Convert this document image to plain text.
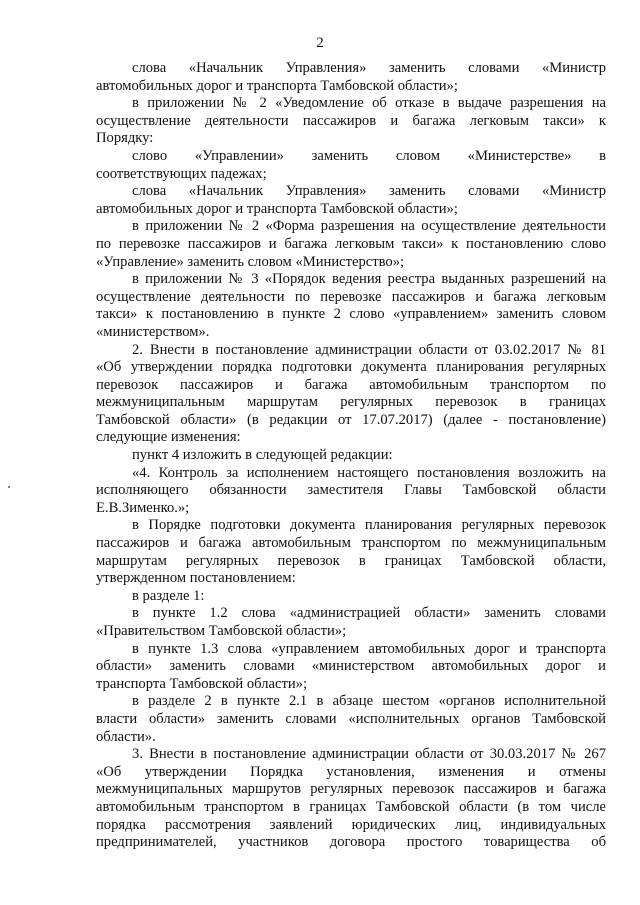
2
слова «Начальник Управления» заменить словами «Министр
автомобильных дорог и транспорта Тамбовской области»;
в приложении № 2 «Уведомление об отказе в выдаче разрешения на
осуществление деятельности пассажиров и багажа легковым такси» к
Порядку:
слово «Управлении» заменить словом «Министерстве» в
соответствующих падежах;
слова «Начальник Управления» заменить словами «Министр
автомобильных дорог и транспорта Тамбовской области»;
в приложении № 2 «Форма разрешения на осуществление деятельности
по перевозке пассажиров и багажа легковым такси» к постановлению слово
«Управление» заменить словом «Министерство»;
в приложении № 3 «Порядок ведения реестра выданных разрешений на
осуществление деятельности по перевозке пассажиров и багажа легковым
такси» к постановлению в пункте 2 слово «управлением» заменить словом
«министерством».
2. Внести в постановление администрации области от 03.02.2017 № 81
«Об утверждении порядка подготовки документа планирования регулярных
перевозок пассажиров и багажа автомобильным транспортом по
межмуниципальным маршрутам регулярных перевозок в границах
Тамбовской области» (в редакции от 17.07.2017) (далее - постановление)
следующие изменения:
пункт 4 изложить в следующей редакции:
«4. Контроль за исполнением настоящего постановления возложить на
исполняющего обязанности заместителя Главы Тамбовской области
Е.В.Зименко.»;
в Порядке подготовки документа планирования регулярных перевозок
пассажиров и багажа автомобильным транспортом по межмуниципальным
маршрутам регулярных перевозок в границах Тамбовской области,
утвержденном постановлением:
в разделе 1:
в пункте 1.2 слова «администрацией области» заменить словами
«Правительством Тамбовской области»;
в пункте 1.3 слова «управлением автомобильных дорог и транспорта
области» заменить словами «министерством автомобильных дорог и
транспорта Тамбовской области»;
в разделе 2 в пункте 2.1 в абзаце шестом «органов исполнительной
власти области» заменить словами «исполнительных органов Тамбовской
области».
3. Внести в постановление администрации области от 30.03.2017 № 267
«Об утверждении Порядка установления, изменения и отмены
межмуниципальных маршрутов регулярных перевозок пассажиров и багажа
автомобильным транспортом в границах Тамбовской области (в том числе
порядка рассмотрения заявлений юридических лиц, индивидуальных
предпринимателей, участников договора простого товарищества об
